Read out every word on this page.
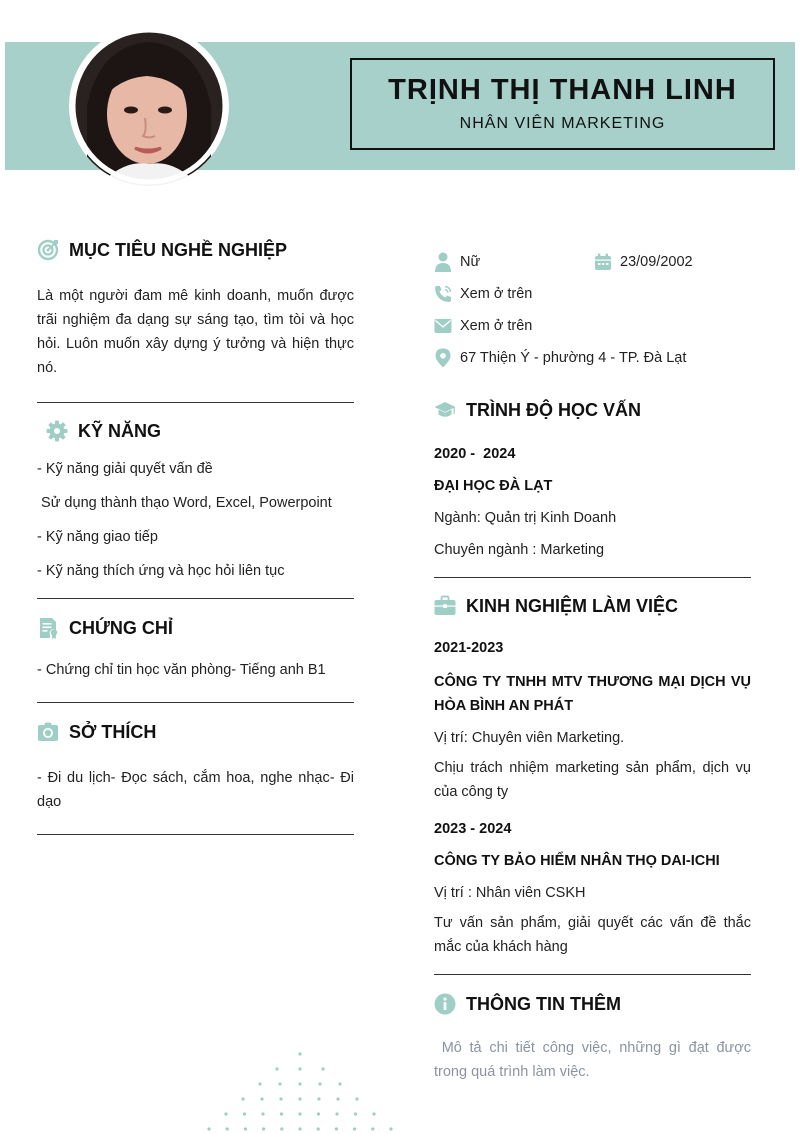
TRỊNH THỊ THANH LINH
NHÂN VIÊN MARKETING
MỤC TIÊU NGHỀ NGHIỆP
Là một người đam mê kinh doanh, muốn được trãi nghiệm đa dạng sự sáng tạo, tìm tòi và học hỏi. Luôn muốn xây dựng ý tưởng và hiện thực nó.
KỸ NĂNG
- Kỹ năng giải quyết vấn đề
Sử dụng thành thạo Word, Excel, Powerpoint
- Kỹ năng giao tiếp
- Kỹ năng thích ứng và học hỏi liên tục
CHỨNG CHỈ
- Chứng chỉ tin học văn phòng- Tiếng anh B1
SỞ THÍCH
- Đi du lịch- Đọc sách, cắm hoa, nghe nhạc- Đi dạo
Nữ	23/09/2002
Xem ở trên
Xem ở trên
67 Thiện Ý - phường 4 - TP. Đà Lạt
TRÌNH ĐỘ HỌC VẤN
2020 -  2024
ĐẠI HỌC ĐÀ LẠT
Ngành: Quản trị Kinh Doanh
Chuyên ngành : Marketing
KINH NGHIỆM LÀM VIỆC
2021-2023
CÔNG TY TNHH MTV THƯƠNG MẠI DỊCH VỤ HÒA BÌNH AN PHÁT
Vị trí: Chuyên viên Marketing.
Chịu trách nhiệm marketing sản phẩm, dịch vụ của công ty
2023 - 2024
CÔNG TY BẢO HIỂM NHÂN THỌ DAI-ICHI
Vị trí : Nhân viên CSKH
Tư vấn sản phẩm, giải quyết các vấn đề thắc mắc của khách hàng
THÔNG TIN THÊM
Mô tả chi tiết công việc, những gì đạt được trong quá trình làm việc.
